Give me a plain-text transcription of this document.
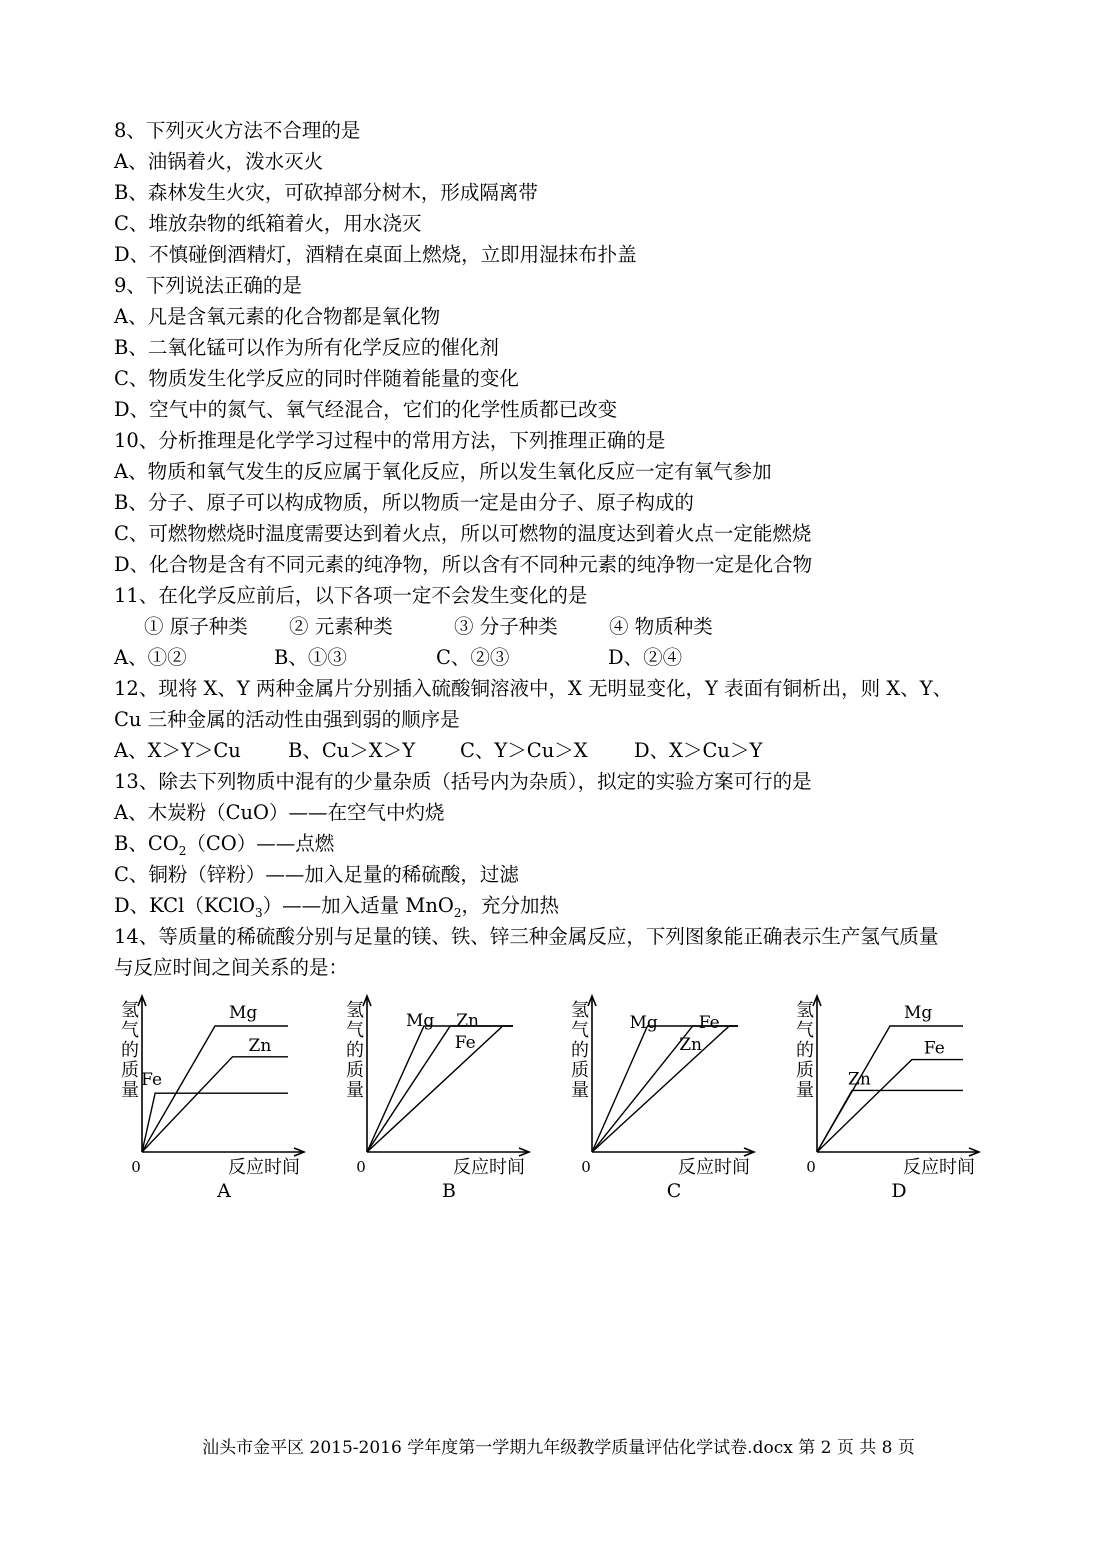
8、下列灭火方法不合理的是
A、油锅着火，泼水灭火
B、森林发生火灾，可砍掉部分树木，形成隔离带
C、堆放杂物的纸箱着火，用水浇灭
D、不慎碰倒酒精灯，酒精在桌面上燃烧，立即用湿抹布扑盖
9、下列说法正确的是
A、凡是含氧元素的化合物都是氧化物
B、二氧化锰可以作为所有化学反应的催化剂
C、物质发生化学反应的同时伴随着能量的变化
D、空气中的氮气、氧气经混合，它们的化学性质都已改变
10、分析推理是化学学习过程中的常用方法，下列推理正确的是
A、物质和氧气发生的反应属于氧化反应，所以发生氧化反应一定有氧气参加
B、分子、原子可以构成物质，所以物质一定是由分子、原子构成的
C、可燃物燃烧时温度需要达到着火点，所以可燃物的温度达到着火点一定能燃烧
D、化合物是含有不同元素的纯净物，所以含有不同种元素的纯净物一定是化合物
11、在化学反应前后，以下各项一定不会发生变化的是
① 原子种类 ② 元素种类	③ 分子种类	④ 物质种类
A、①②	B、①③	C、②③	D、②④
12、现将 X、Y 两种金属片分别插入硫酸铜溶液中，X 无明显变化，Y 表面有铜析出，则 X、Y、
Cu 三种金属的活动性由强到弱的顺序是
A、X＞Y＞Cu B、Cu＞X＞Y C、Y＞Cu＞X D、X＞Cu＞Y
13、除去下列物质中混有的少量杂质（括号内为杂质），拟定的实验方案可行的是
A、木炭粉（CuO）——在空气中灼烧
B、$CO_2(CO)——$点燃
C、铜粉（锌粉）——加入足量的稀硫酸，过滤
D、KCl（KClO$_3$）——加入适量 MnO$_2$，充分加热
14、等质量的稀硫酸分别与足量的镁、铁、锌三种金属反应，下列图象能正确表示生产氢气质量
与反应时间之间关系的是：
氢
气
的
质
量
0	反应时间
A
Mg
Zn
Fe
氢
气
的
质
量
0	反应时间
B
Mg Zn
Fe
氢
气
的
质
量
0	反应时间
C
Mg Fe
Zn
氢
气
的
质
量
0	反应时间
D
Mg
Fe
Zn
汕头市金平区 2015-2016 学年度第一学期九年级教学质量评估化学试卷.docx 第 2 页 共 8 页
